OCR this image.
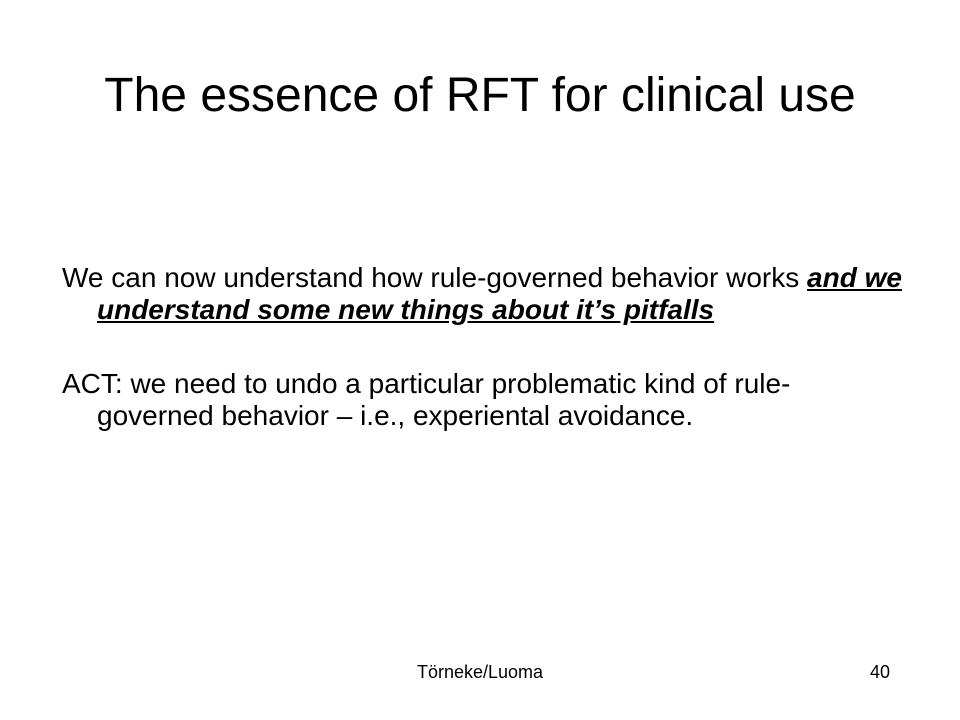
The essence of RFT for clinical use

We can now understand how rule-governed behavior works and we understand some new things about it’s pitfalls

ACT: we need to undo a particular problematic kind of rule-governed behavior – i.e., experiental avoidance.

Törneke/Luoma	40
